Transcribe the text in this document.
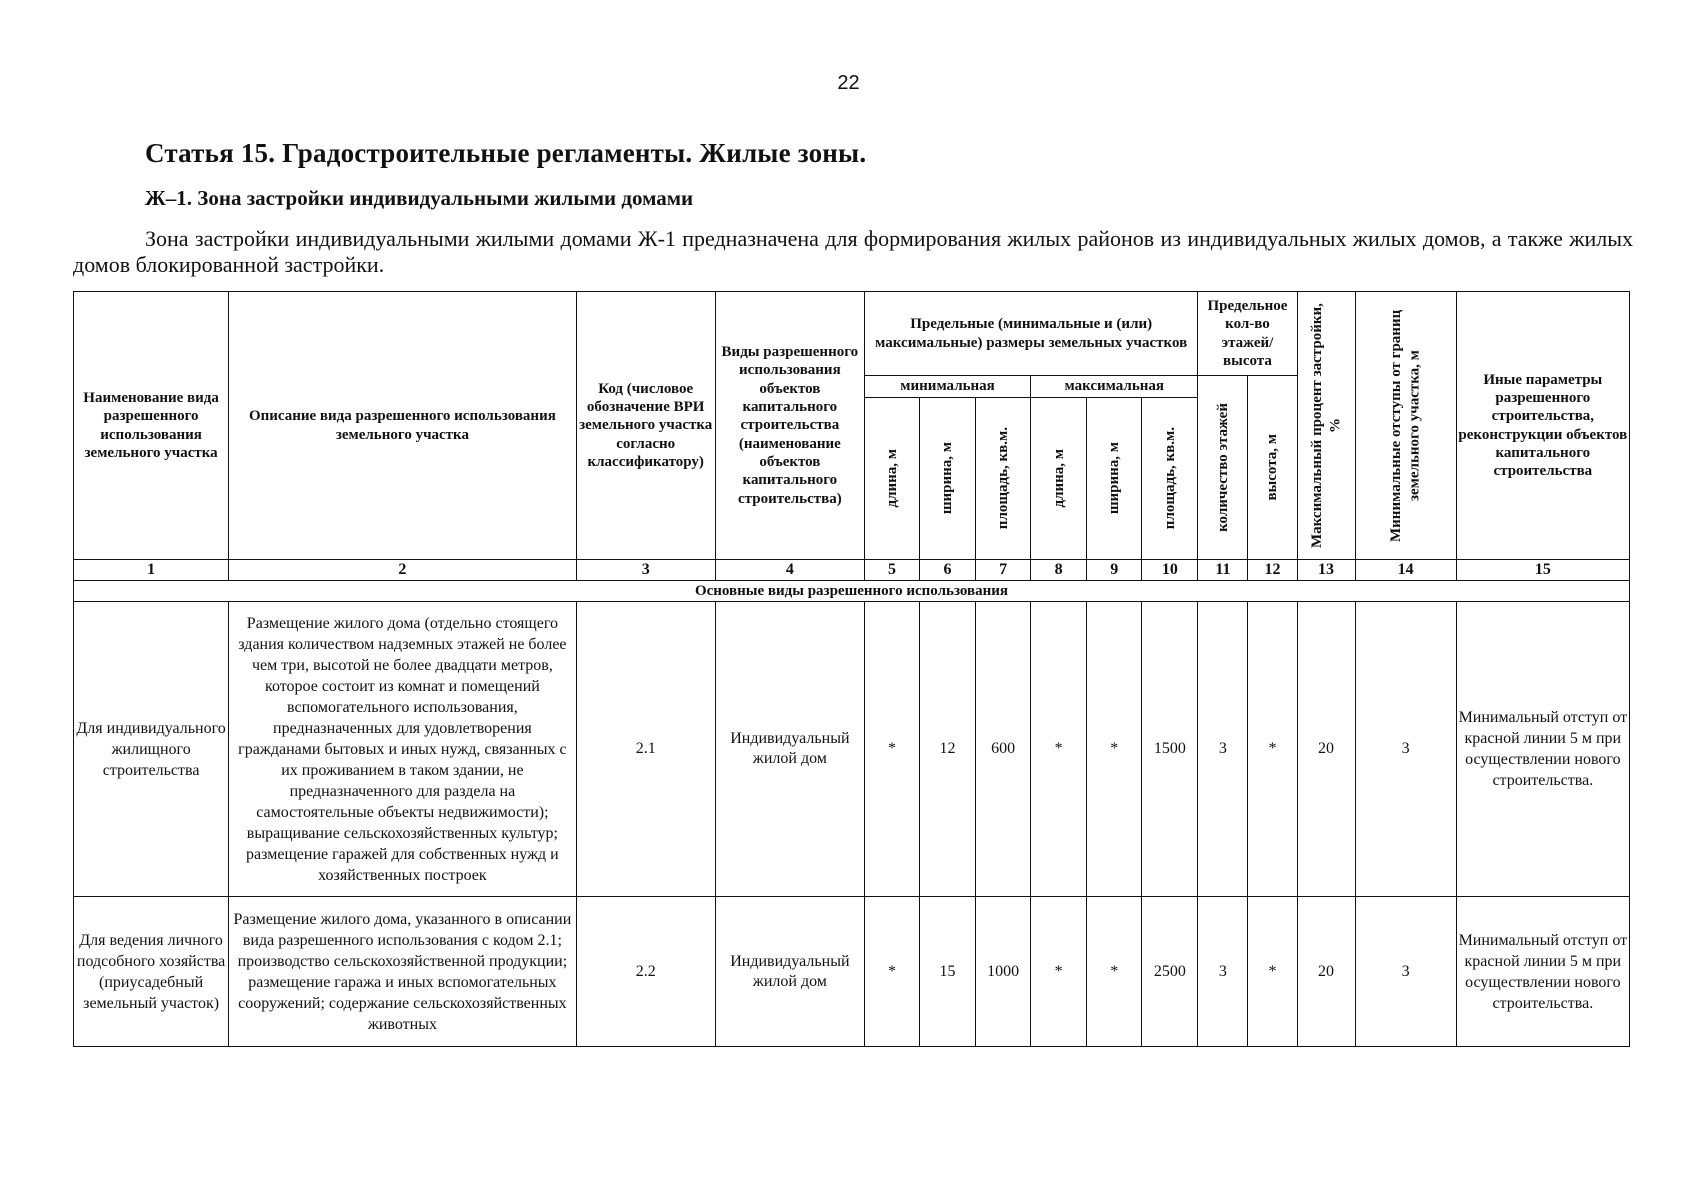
22
Статья 15. Градостроительные регламенты. Жилые зоны.
Ж–1. Зона застройки индивидуальными жилыми домами
Зона застройки индивидуальными жилыми домами Ж-1 предназначена для формирования жилых районов из индивидуальных жилых домов, а также жилых домов блокированной застройки.
Наименование вида разрешенного использования земельного участка	Описание вида разрешенного использования земельного участка	Код (числовое обозначение ВРИ земельного участка согласно классификатору)	Виды разрешенного использования объектов капитального строительства (наименование объектов капитального строительства)	Предельные (минимальные и (или) максимальные) размеры земельных участков						Предельное кол-во этажей/ высота		Максимальный процент застройки, %	Минимальные отступы от границ земельного участка, м	Иные параметры разрешенного строительства, реконструкции объектов капитального строительства
				минимальная			максимальная			количество этажей	высота, м			

				длина, м	ширина, м	площадь, кв.м.	длина, м	ширина, м	площадь, кв.м.					

1	2	3	4	5	6	7	8	9	10	11	12	13	14	15
Основные виды разрешенного использования														
Для индивидуального жилищного строительства	Размещение жилого дома (отдельно стоящего здания количеством надземных этажей не более чем три, высотой не более двадцати метров, которое состоит из комнат и помещений вспомогательного использования, предназначенных для удовлетворения гражданами бытовых и иных нужд, связанных с их проживанием в таком здании, не предназначенного для раздела на самостоятельные объекты недвижимости); выращивание сельскохозяйственных культур; размещение гаражей для собственных нужд и хозяйственных построек	2.1	Индивидуальный жилой дом	*	12	600	*	*	1500	3	*	20	3	Минимальный отступ от красной линии 5 м при осуществлении нового строительства.
Для ведения личного подсобного хозяйства (приусадебный земельный участок)	Размещение жилого дома, указанного в описании вида разрешенного использования с кодом 2.1; производство сельскохозяйственной продукции; размещение гаража и иных вспомогательных сооружений; содержание сельскохозяйственных животных	2.2	Индивидуальный жилой дом	*	15	1000	*	*	2500	3	*	20	3	Минимальный отступ от красной линии 5 м при осуществлении нового строительства.
